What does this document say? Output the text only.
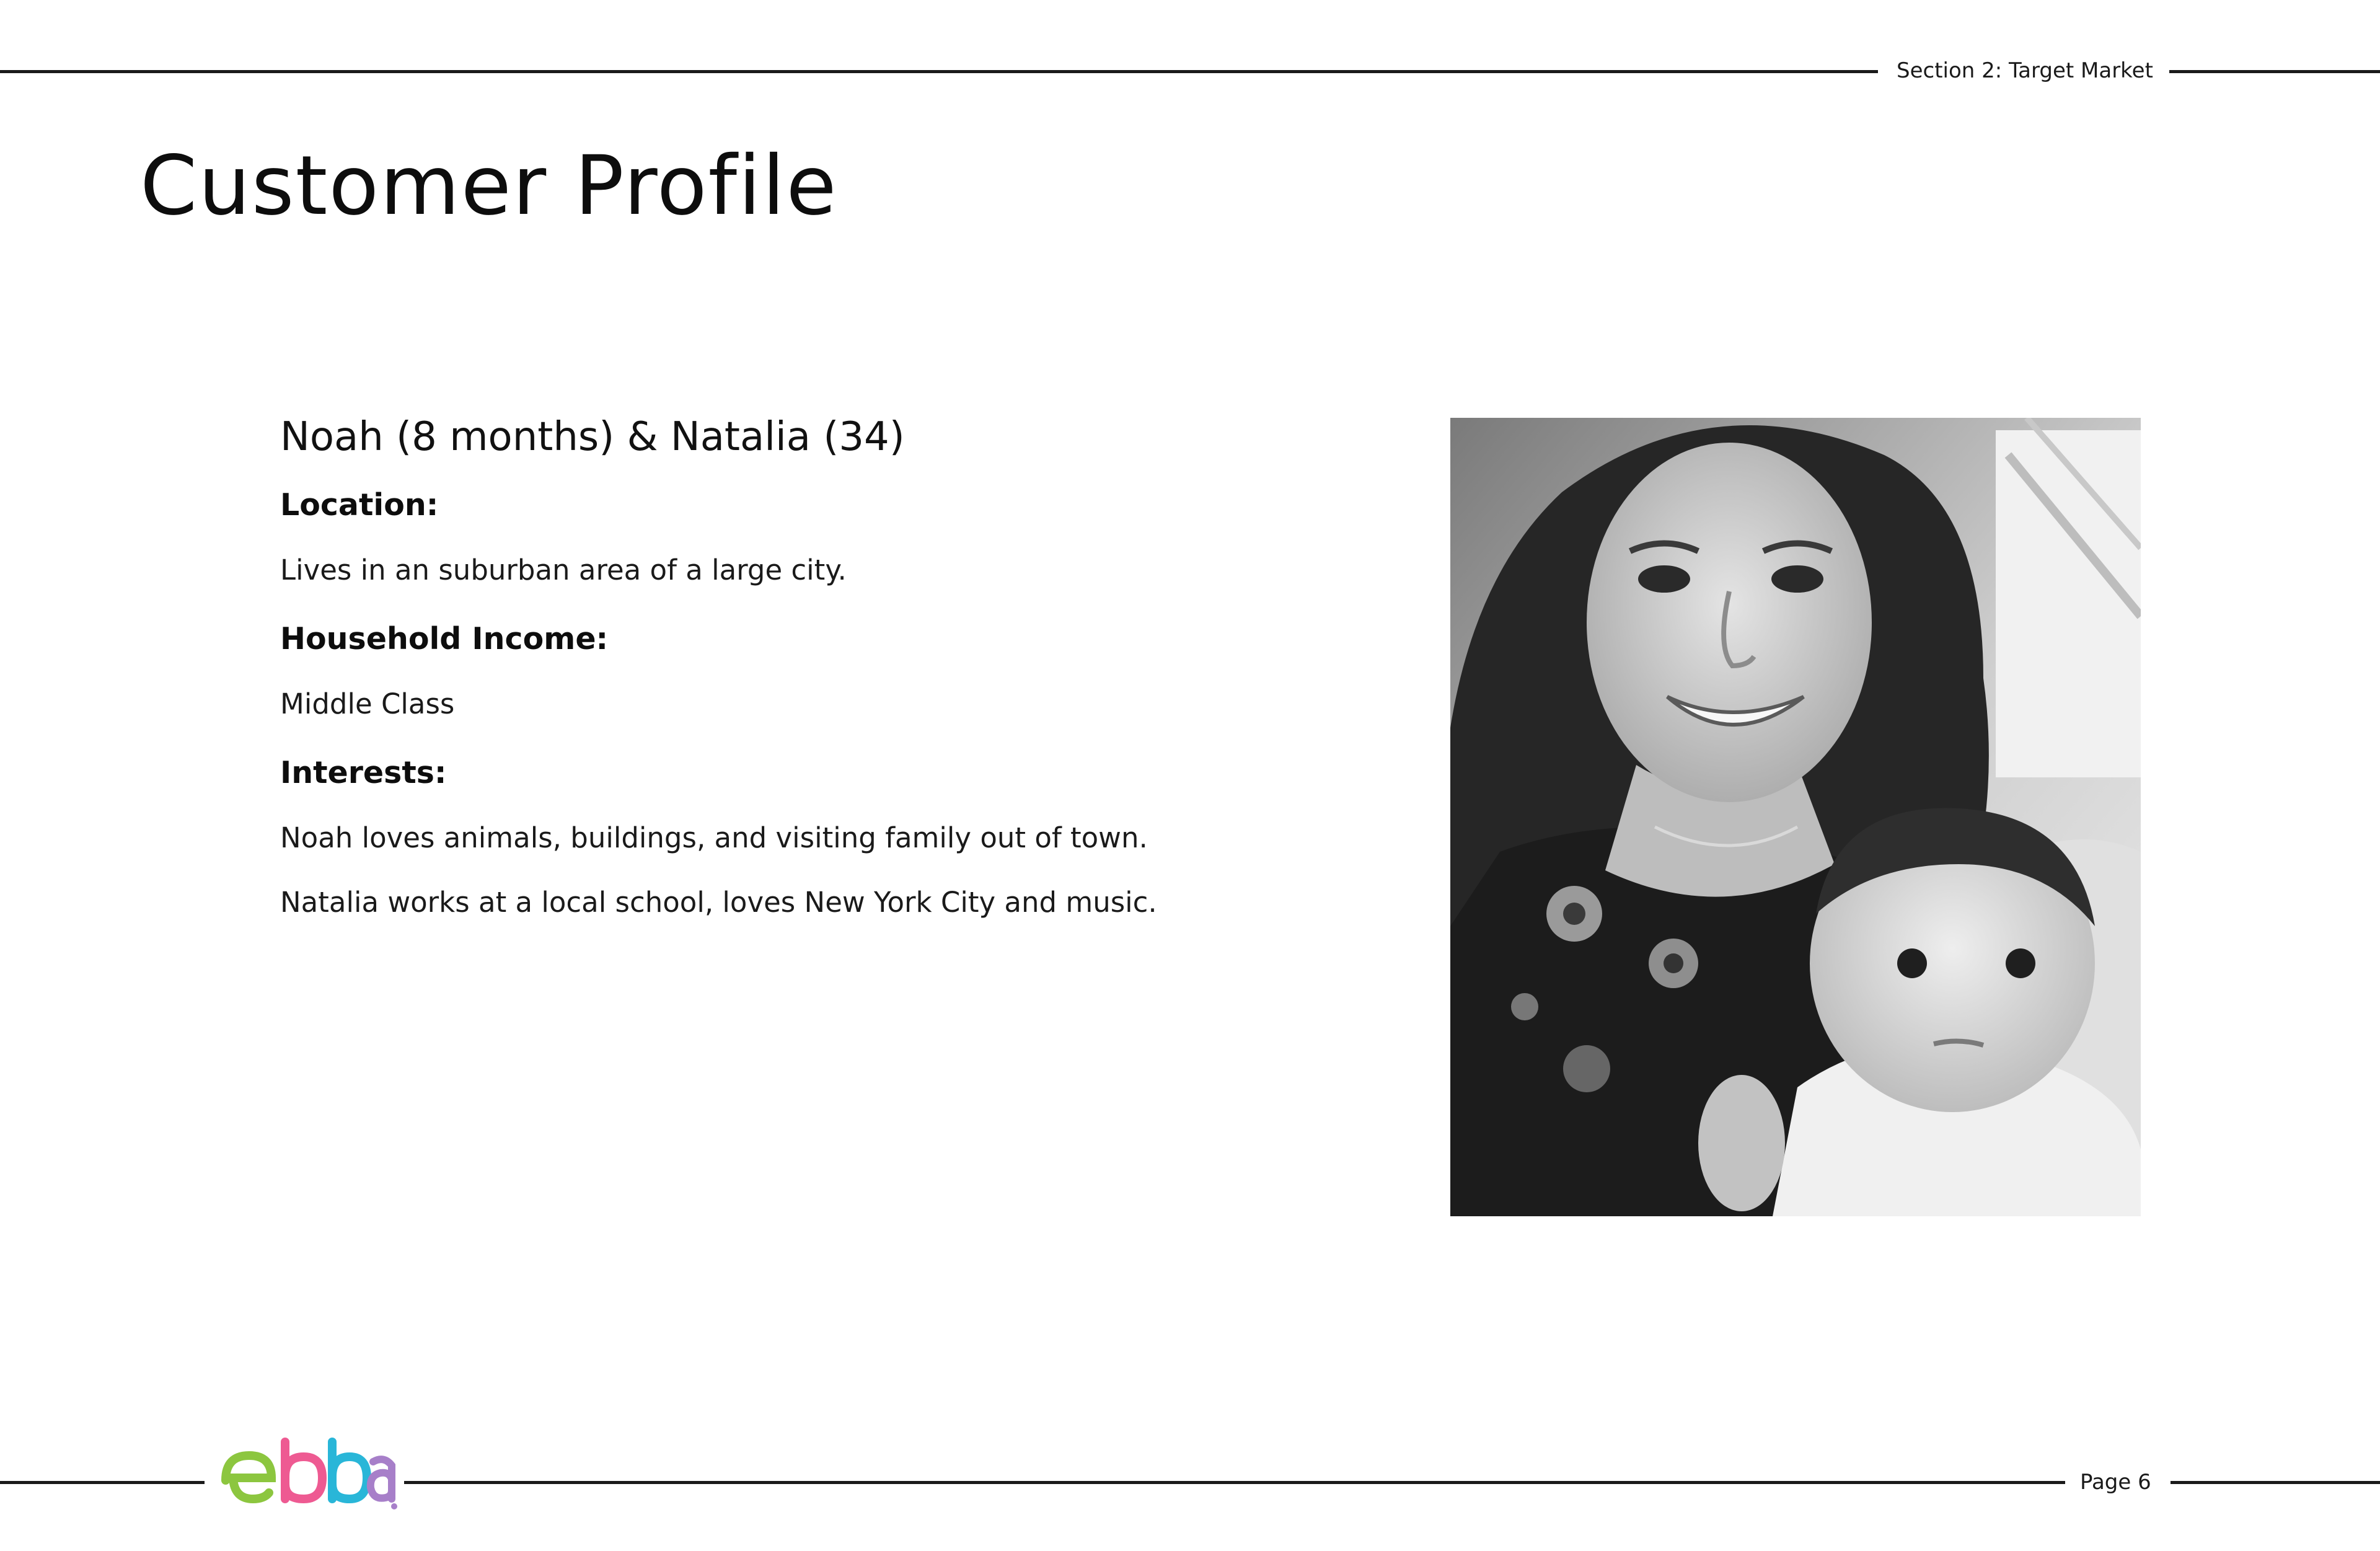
Section 2: Target Market
Customer Profile
Noah (8 months) & Natalia (34)
Location:
Lives in an suburban area of a large city.
Household Income:
Middle Class
Interests:
Noah loves animals, buildings, and visiting family out of town.
Natalia works at a local school, loves New York City and music.
Page 6
